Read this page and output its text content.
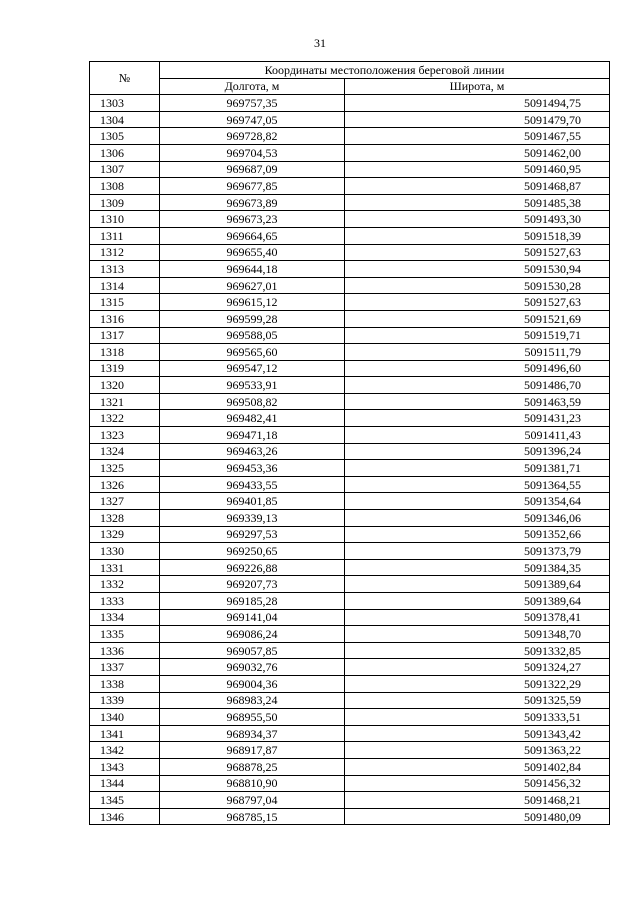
31
№	Координаты местоположения береговой линии	
	Долгота, м	Широта, м
1303	969757,35	5091494,75
1304	969747,05	5091479,70
1305	969728,82	5091467,55
1306	969704,53	5091462,00
1307	969687,09	5091460,95
1308	969677,85	5091468,87
1309	969673,89	5091485,38
1310	969673,23	5091493,30
1311	969664,65	5091518,39
1312	969655,40	5091527,63
1313	969644,18	5091530,94
1314	969627,01	5091530,28
1315	969615,12	5091527,63
1316	969599,28	5091521,69
1317	969588,05	5091519,71
1318	969565,60	5091511,79
1319	969547,12	5091496,60
1320	969533,91	5091486,70
1321	969508,82	5091463,59
1322	969482,41	5091431,23
1323	969471,18	5091411,43
1324	969463,26	5091396,24
1325	969453,36	5091381,71
1326	969433,55	5091364,55
1327	969401,85	5091354,64
1328	969339,13	5091346,06
1329	969297,53	5091352,66
1330	969250,65	5091373,79
1331	969226,88	5091384,35
1332	969207,73	5091389,64
1333	969185,28	5091389,64
1334	969141,04	5091378,41
1335	969086,24	5091348,70
1336	969057,85	5091332,85
1337	969032,76	5091324,27
1338	969004,36	5091322,29
1339	968983,24	5091325,59
1340	968955,50	5091333,51
1341	968934,37	5091343,42
1342	968917,87	5091363,22
1343	968878,25	5091402,84
1344	968810,90	5091456,32
1345	968797,04	5091468,21
1346	968785,15	5091480,09
